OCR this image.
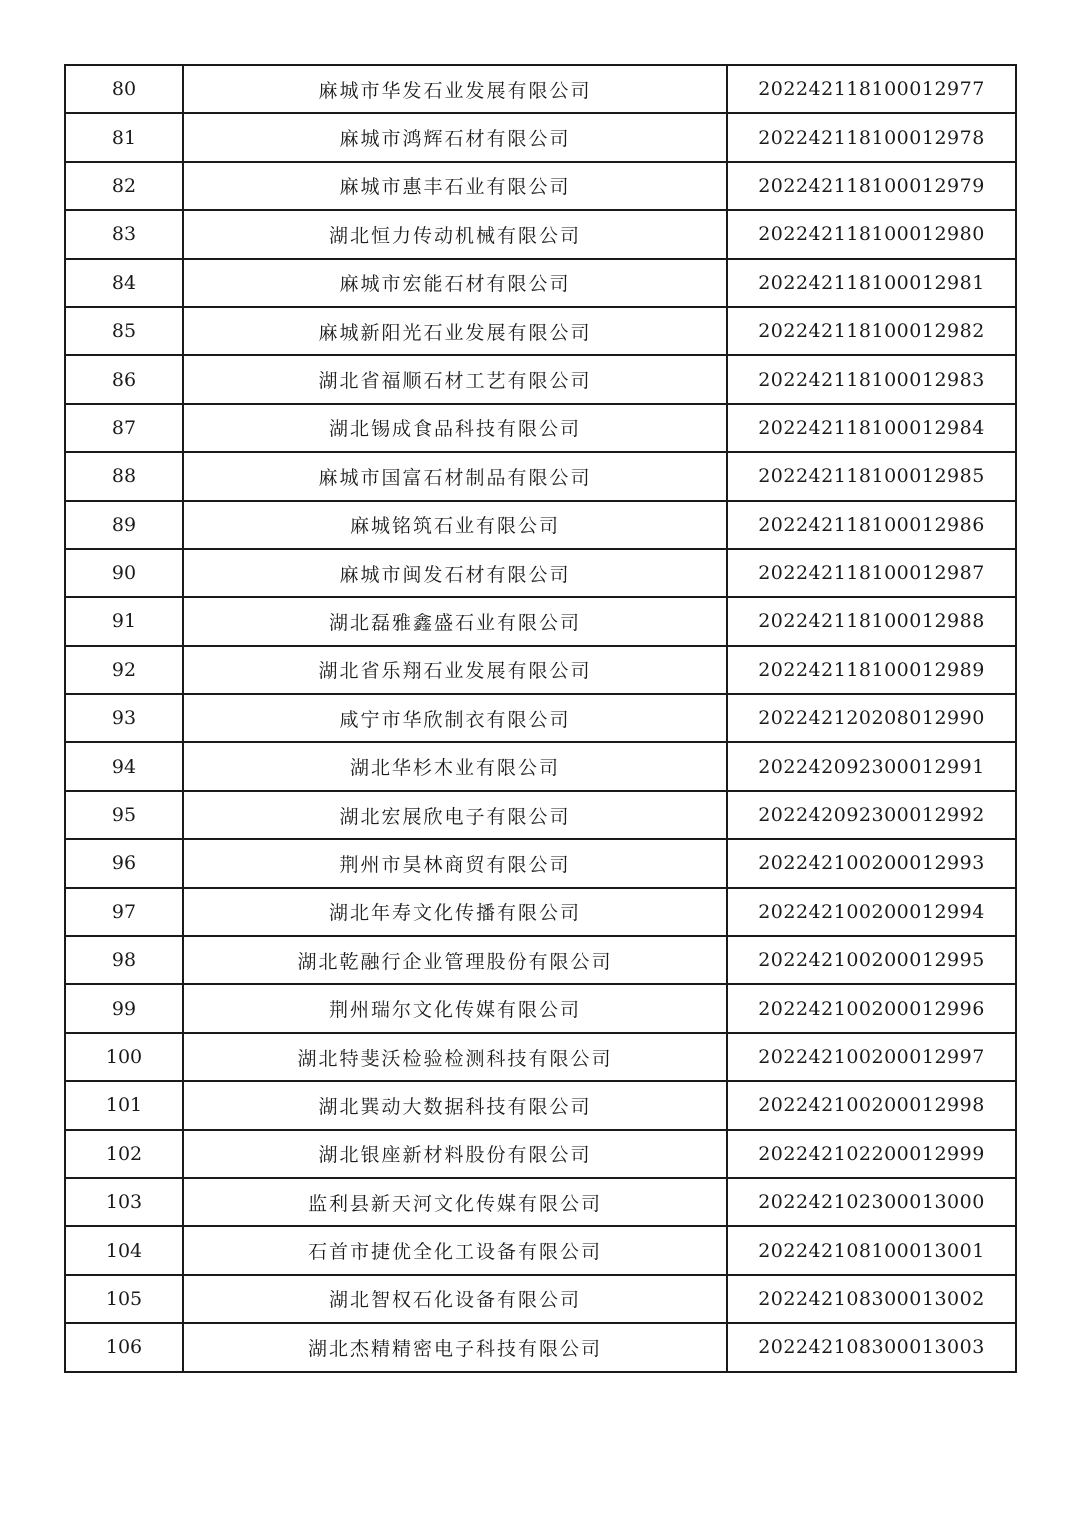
80	麻城市华发石业发展有限公司	202242118100012977
81	麻城市鸿辉石材有限公司	202242118100012978
82	麻城市惠丰石业有限公司	202242118100012979
83	湖北恒力传动机械有限公司	202242118100012980
84	麻城市宏能石材有限公司	202242118100012981
85	麻城新阳光石业发展有限公司	202242118100012982
86	湖北省福顺石材工艺有限公司	202242118100012983
87	湖北锡成食品科技有限公司	202242118100012984
88	麻城市国富石材制品有限公司	202242118100012985
89	麻城铭筑石业有限公司	202242118100012986
90	麻城市闽发石材有限公司	202242118100012987
91	湖北磊雅鑫盛石业有限公司	202242118100012988
92	湖北省乐翔石业发展有限公司	202242118100012989
93	咸宁市华欣制衣有限公司	202242120208012990
94	湖北华杉木业有限公司	202242092300012991
95	湖北宏展欣电子有限公司	202242092300012992
96	荆州市昊林商贸有限公司	202242100200012993
97	湖北年寿文化传播有限公司	202242100200012994
98	湖北乾融行企业管理股份有限公司	202242100200012995
99	荆州瑞尔文化传媒有限公司	202242100200012996
100	湖北特斐沃检验检测科技有限公司	202242100200012997
101	湖北巽动大数据科技有限公司	202242100200012998
102	湖北银座新材料股份有限公司	202242102200012999
103	监利县新天河文化传媒有限公司	202242102300013000
104	石首市捷优全化工设备有限公司	202242108100013001
105	湖北智权石化设备有限公司	202242108300013002
106	湖北杰精精密电子科技有限公司	202242108300013003
